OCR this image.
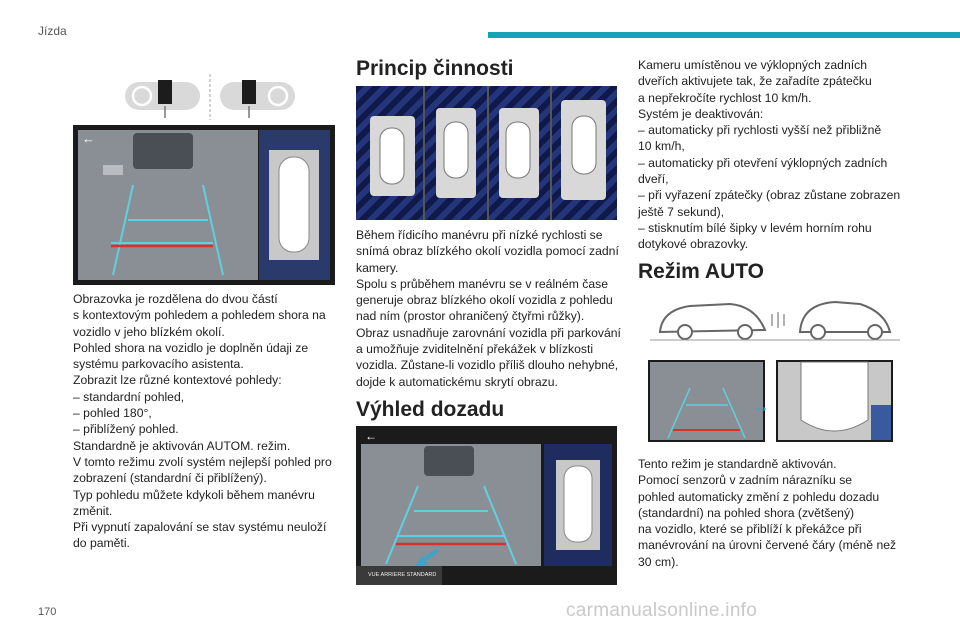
Jízda
←

Obrazovka je rozdělena do dvou částí

s kontextovým pohledem a pohledem shora na

vozidlo v jeho blízkém okolí.

Pohled shora na vozidlo je doplněn údaji ze

systému parkovacího asistenta.

Zobrazit lze různé kontextové pohledy:

– standardní pohled,

– pohled 180°,

– přiblížený pohled.

Standardně je aktivován AUTOM. režim.

V tomto režimu zvolí systém nejlepší pohled pro

zobrazení (standardní či přiblížený).

Typ pohledu můžete kdykoli během manévru

změnit.

Při vypnutí zapalování se stav systému neuloží

do paměti.

Princip činnosti

Během řídicího manévru při nízké rychlosti se

snímá obraz blízkého okolí vozidla pomocí zadní

kamery.

Spolu s průběhem manévru se v reálném čase

generuje obraz blízkého okolí vozidla z pohledu

nad ním (prostor ohraničený čtyřmi růžky).

Obraz usnadňuje zarovnání vozidla při parkování

a umožňuje zviditelnění překážek v blízkosti

vozidla. Zůstane-li vozidlo příliš dlouho nehybné,

dojde k automatickému skrytí obrazu.

Výhled dozadu
←
VUE ARRIERE STANDARD

Kameru umístěnou ve výklopných zadních

dveřích aktivujete tak, že zařadíte zpátečku

a nepřekročíte rychlost 10 km/h.

Systém je deaktivován:

– automaticky při rychlosti vyšší než přibližně

10 km/h,

– automaticky při otevření výklopných zadních

dveří,

– při vyřazení zpátečky (obraz zůstane zobrazen

ještě 7 sekund),

– stisknutím bílé šipky v levém horním rohu

dotykové obrazovky.

Režim AUTO
↔

Tento režim je standardně aktivován.

Pomocí senzorů v zadním nárazníku se

pohled automaticky změní z pohledu dozadu

(standardní) na pohled shora (zvětšený)

na vozidlo, které se přiblíží k překážce při

manévrování na úrovni červené čáry (méně než

30 cm).

170	carmanualsonline.info
